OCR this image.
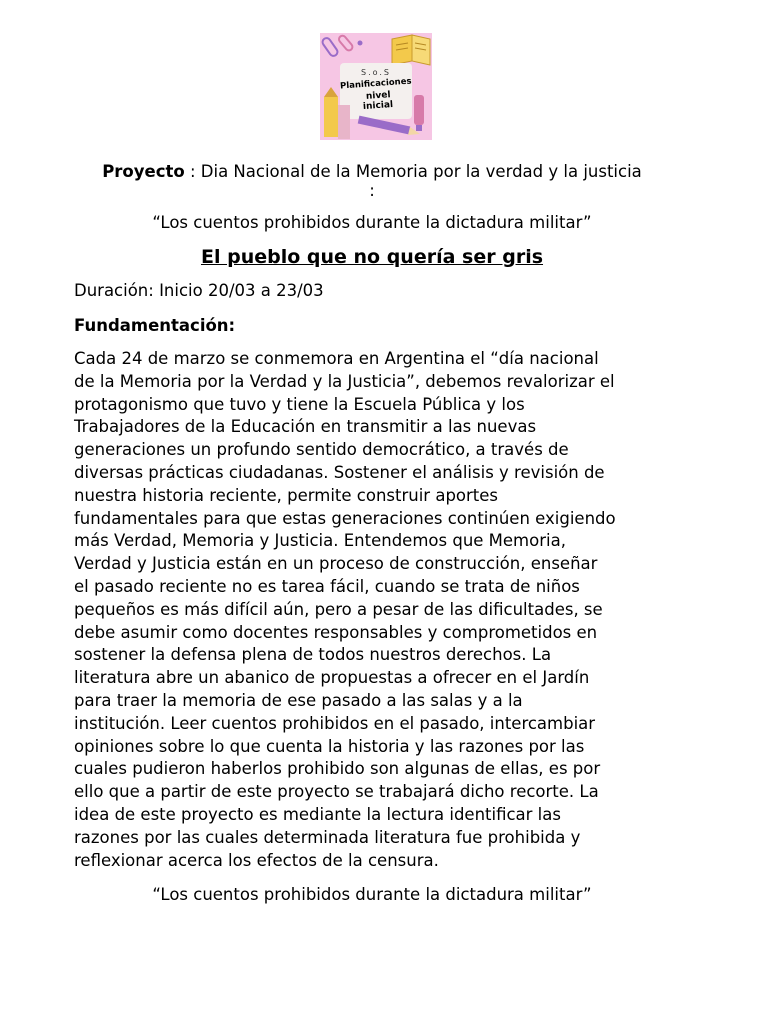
S.o.S
Planificaciones
nivel
inicial
Proyecto : Dia Nacional de la Memoria por la verdad y la justicia
:
“Los cuentos prohibidos durante la dictadura militar”
El pueblo que no quería ser gris
Duración: Inicio 20/03 a 23/03
Fundamentación:
Cada 24 de marzo se conmemora en Argentina el “día nacional
de la Memoria por la Verdad y la Justicia”, debemos revalorizar el
protagonismo que tuvo y tiene la Escuela Pública y los
Trabajadores de la Educación en transmitir a las nuevas
generaciones un profundo sentido democrático, a través de
diversas prácticas ciudadanas. Sostener el análisis y revisión de
nuestra historia reciente, permite construir aportes
fundamentales para que estas generaciones continúen exigiendo
más Verdad, Memoria y Justicia. Entendemos que Memoria,
Verdad y Justicia están en un proceso de construcción, enseñar
el pasado reciente no es tarea fácil, cuando se trata de niños
pequeños es más difícil aún, pero a pesar de las dificultades, se
debe asumir como docentes responsables y comprometidos en
sostener la defensa plena de todos nuestros derechos. La
literatura abre un abanico de propuestas a ofrecer en el Jardín
para traer la memoria de ese pasado a las salas y a la
institución. Leer cuentos prohibidos en el pasado, intercambiar
opiniones sobre lo que cuenta la historia y las razones por las
cuales pudieron haberlos prohibido son algunas de ellas, es por
ello que a partir de este proyecto se trabajará dicho recorte. La
idea de este proyecto es mediante la lectura identificar las
razones por las cuales determinada literatura fue prohibida y
reflexionar acerca los efectos de la censura.
“Los cuentos prohibidos durante la dictadura militar”
